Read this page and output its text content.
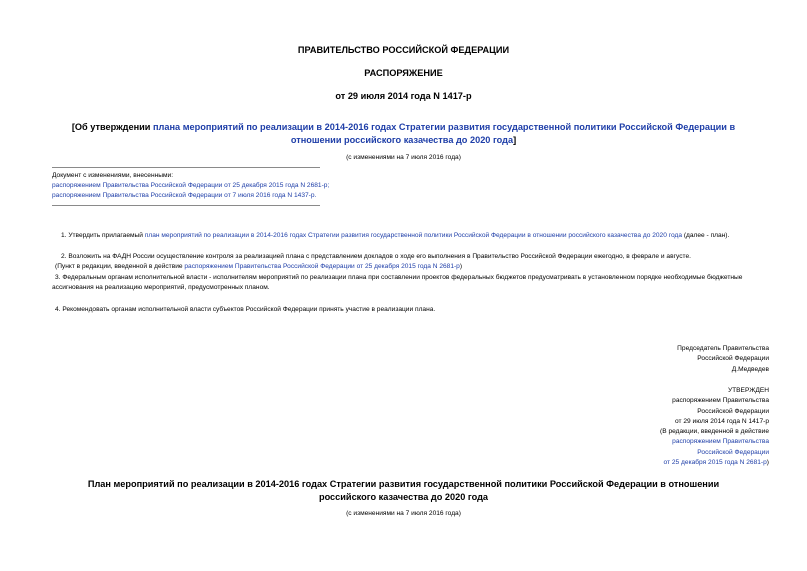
ПРАВИТЕЛЬСТВО РОССИЙСКОЙ ФЕДЕРАЦИИ
РАСПОРЯЖЕНИЕ
от 29 июля 2014 года N 1417-р
[Об утверждении плана мероприятий по реализации в 2014-2016 годах Стратегии развития государственной политики Российской Федерации в отношении российского казачества до 2020 года]
(с изменениями на 7 июля 2016 года)
Документ с изменениями, внесенными:
распоряжением Правительства Российской Федерации от 25 декабря 2015 года N 2681-р;
распоряжением Правительства Российской Федерации от 7 июля 2016 года N 1437-р.
1. Утвердить прилагаемый план мероприятий по реализации в 2014-2016 годах Стратегии развития государственной политики Российской Федерации в отношении российского казачества до 2020 года (далее - план).
2. Возложить на ФАДН России осуществление контроля за реализацией плана с представлением докладов о ходе его выполнения в Правительство Российской Федерации ежегодно, в феврале и августе.
(Пункт в редакции, введенной в действие распоряжением Правительства Российской Федерации от 25 декабря 2015 года N 2681-р)
3. Федеральным органам исполнительной власти - исполнителям мероприятий по реализации плана при составлении проектов федеральных бюджетов предусматривать в установленном порядке необходимые бюджетные ассигнования на реализацию мероприятий, предусмотренных планом.
4. Рекомендовать органам исполнительной власти субъектов Российской Федерации принять участие в реализации плана.
Председатель Правительства
Российской Федерации
Д.Медведев
УТВЕРЖДЕН
распоряжением Правительства
Российской Федерации
от 29 июля 2014 года N 1417-р
(В редакции, введенной в действие
распоряжением Правительства
Российской Федерации
от 25 декабря 2015 года N 2681-р)
План мероприятий по реализации в 2014-2016 годах Стратегии развития государственной политики Российской Федерации в отношении российского казачества до 2020 года
(с изменениями на 7 июля 2016 года)
